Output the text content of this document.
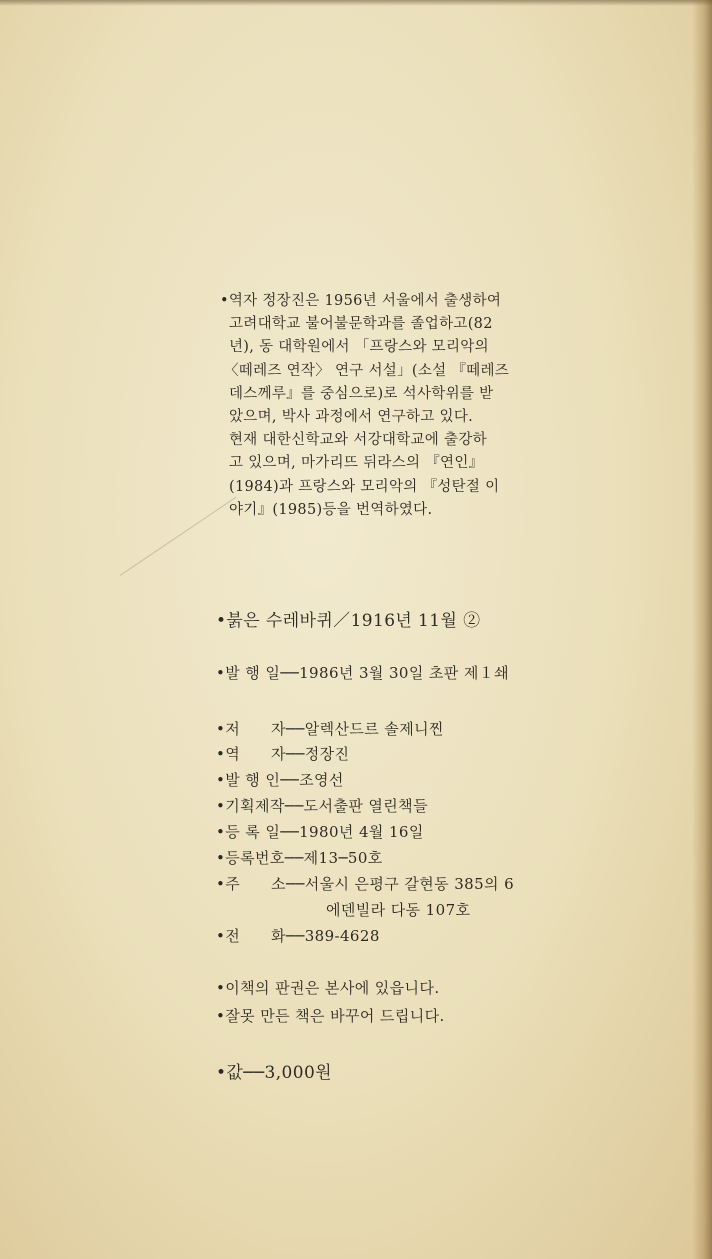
•역자 정장진은 1956년 서울에서 출생하여
고려대학교 불어불문학과를 졸업하고(82
년), 동 대학원에서 「프랑스와 모리악의
〈떼레즈 연작〉 연구 서설」(소설 『떼레즈
데스께루』를 중심으로)로 석사학위를 받
았으며, 박사 과정에서 연구하고 있다.
현재 대한신학교와 서강대학교에 출강하
고 있으며, 마가리뜨 뒤라스의 『연인』
(1984)과 프랑스와 모리악의 『성탄절 이
야기』(1985)등을 번역하였다.
•붉은 수레바퀴／1916년 11월 ②
•발 행 일──1986년 3월 30일 초판 제１쇄
•저　　자──알렉산드르 솔제니찐
•역　　자──정장진
•발 행 인──조영선
•기획제작──도서출판 열린책들
•등 록 일──1980년 4월 16일
•등록번호──제13─50호
•주　　소──서울시 은평구 갈현동 385의 6
에덴빌라 다동 107호
•전　　화──389-4628
•이책의 판권은 본사에 있읍니다.
•잘못 만든 책은 바꾸어 드립니다.
•값──3,000원
